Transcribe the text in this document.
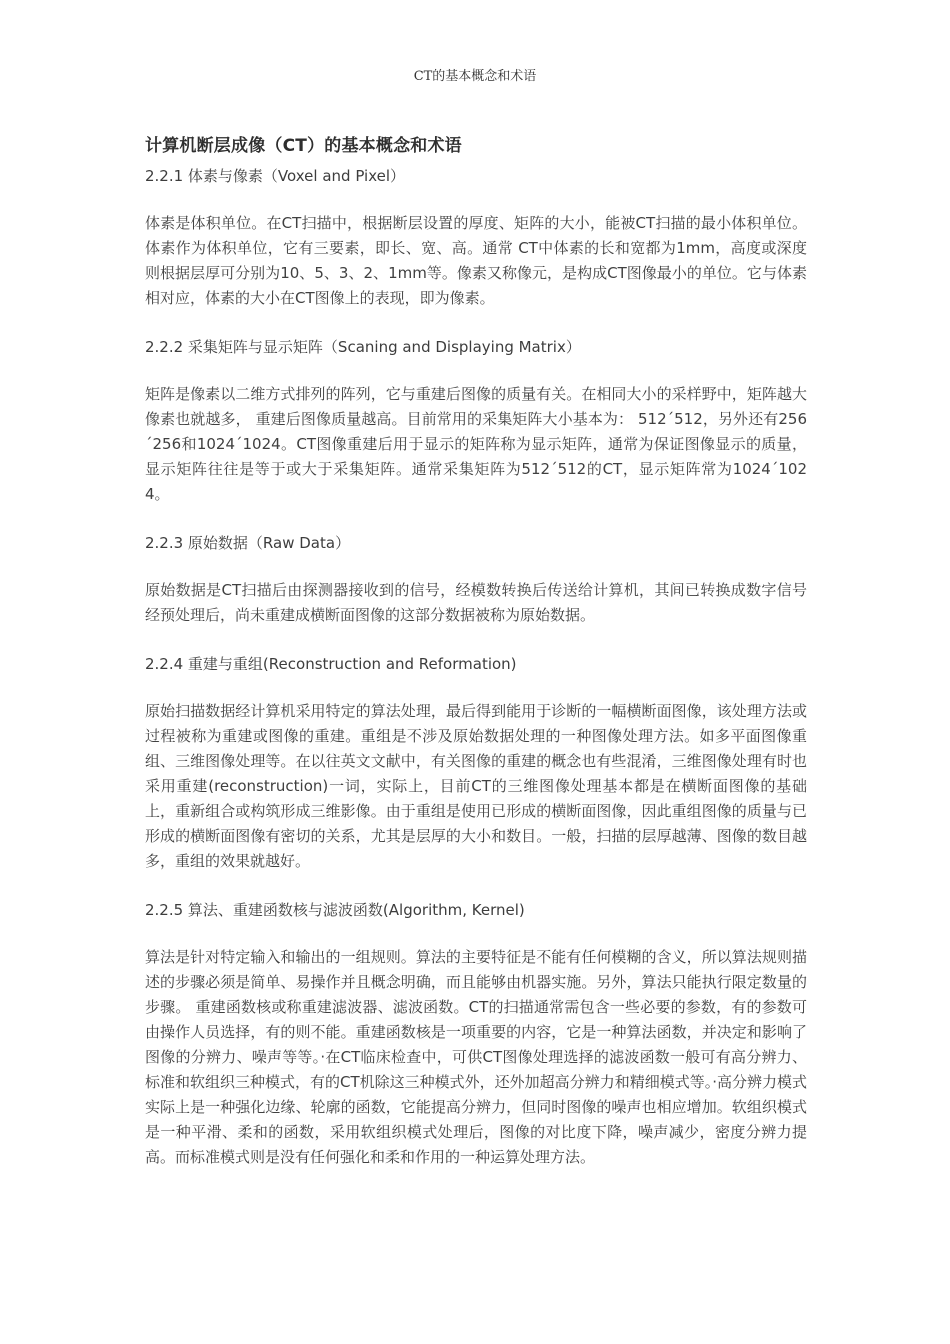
CT的基本概念和术语
计算机断层成像（CT）的基本概念和术语
2.2.1 体素与像素（Voxel and Pixel）

体素是体积单位。在CT扫描中，根据断层设置的厚度、矩阵的大小，能被CT扫描的最小体积单位。体素作为体积单位，它有三要素，即长、宽、高。通常 CT中体素的长和宽都为1mm，高度或深度则根据层厚可分别为10、5、3、2、1mm等。像素又称像元，是构成CT图像最小的单位。它与体素相对应，体素的大小在CT图像上的表现，即为像素。

2.2.2 采集矩阵与显示矩阵（Scaning and Displaying Matrix）

矩阵是像素以二维方式排列的阵列，它与重建后图像的质量有关。在相同大小的采样野中，矩阵越大像素也就越多， 重建后图像质量越高。目前常用的采集矩阵大小基本为： 512´512，另外还有256´256和1024´1024。CT图像重建后用于显示的矩阵称为显示矩阵，通常为保证图像显示的质量，显示矩阵往往是等于或大于采集矩阵。通常采集矩阵为512´512的CT，显示矩阵常为1024´1024。

2.2.3 原始数据（Raw Data）

原始数据是CT扫描后由探测器接收到的信号，经模数转换后传送给计算机，其间已转换成数字信号经预处理后，尚未重建成横断面图像的这部分数据被称为原始数据。

2.2.4 重建与重组(Reconstruction and Reformation)

原始扫描数据经计算机采用特定的算法处理，最后得到能用于诊断的一幅横断面图像，该处理方法或过程被称为重建或图像的重建。重组是不涉及原始数据处理的一种图像处理方法。如多平面图像重组、三维图像处理等。在以往英文文献中，有关图像的重建的概念也有些混淆，三维图像处理有时也采用重建(reconstruction)一词，实际上，目前CT的三维图像处理基本都是在横断面图像的基础上，重新组合或构筑形成三维影像。由于重组是使用已形成的横断面图像，因此重组图像的质量与已形成的横断面图像有密切的关系，尤其是层厚的大小和数目。一般，扫描的层厚越薄、图像的数目越多，重组的效果就越好。

2.2.5 算法、重建函数核与滤波函数(Algorithm, Kernel)

算法是针对特定输入和输出的一组规则。算法的主要特征是不能有任何模糊的含义，所以算法规则描述的步骤必须是简单、易操作并且概念明确，而且能够由机器实施。另外，算法只能执行限定数量的步骤。 重建函数核或称重建滤波器、滤波函数。CT的扫描通常需包含一些必要的参数，有的参数可由操作人员选择，有的则不能。重建函数核是一项重要的内容，它是一种算法函数，并决定和影响了图像的分辨力、噪声等等。·在CT临床检查中，可供CT图像处理选择的滤波函数一般可有高分辨力、标准和软组织三种模式，有的CT机除这三种模式外，还外加超高分辨力和精细模式等。·高分辨力模式实际上是一种强化边缘、轮廓的函数，它能提高分辨力，但同时图像的噪声也相应增加。软组织模式是一种平滑、柔和的函数，采用软组织模式处理后，图像的对比度下降，噪声减少，密度分辨力提高。而标准模式则是没有任何强化和柔和作用的一种运算处理方法。
